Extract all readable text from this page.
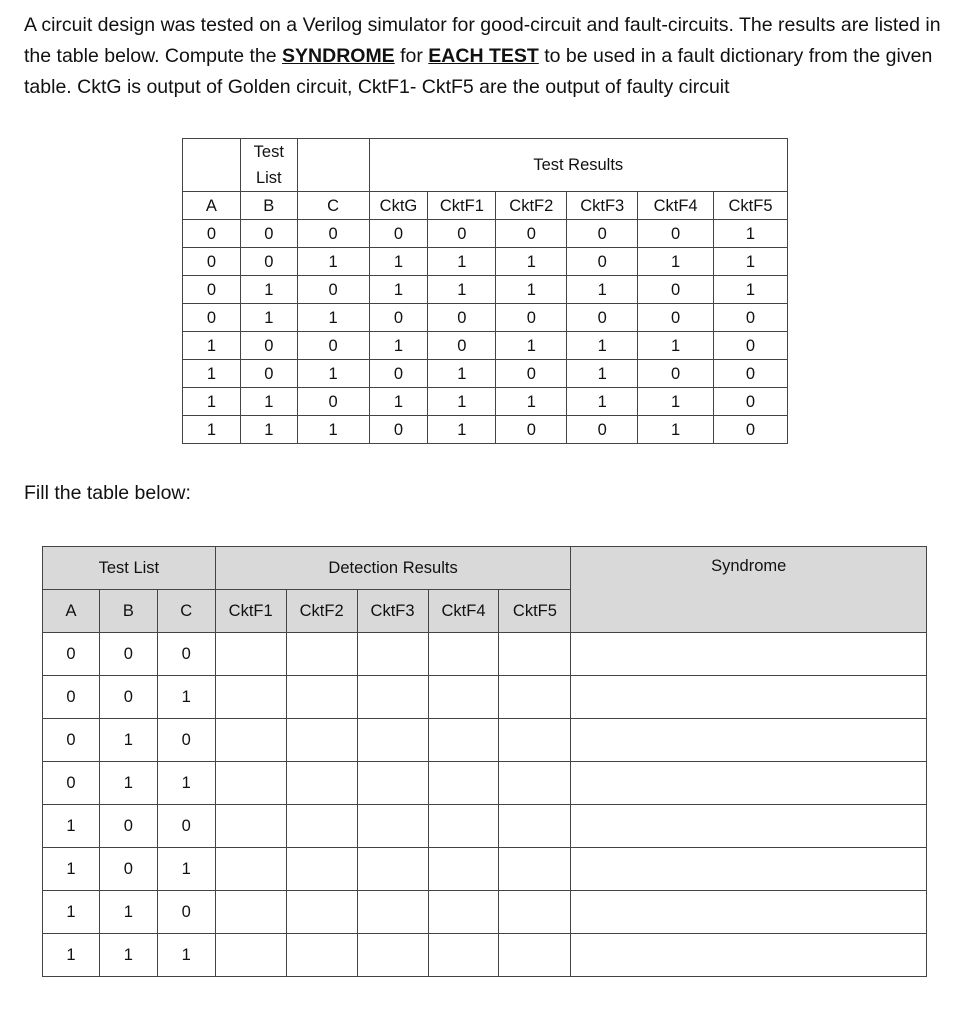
A circuit design was tested on a Verilog simulator for good-circuit and fault-circuits. The results are listed in the table below. Compute the SYNDROME for EACH TEST to be used in a fault dictionary from the given table. CktG is output of Golden circuit, CktF1- CktF5 are the output of faulty circuit

	Test List		Test Results					
A	B	C	CktG	CktF1	CktF2	CktF3	CktF4	CktF5
0	0	0	0	0	0	0	0	1
0	0	1	1	1	1	0	1	1
0	1	0	1	1	1	1	0	1
0	1	1	0	0	0	0	0	0
1	0	0	1	0	1	1	1	0
1	0	1	0	1	0	1	0	0
1	1	0	1	1	1	1	1	0
1	1	1	0	1	0	0	1	0

Fill the table below:

Test List			Detection Results					Syndrome
A	B	C	CktF1	CktF2	CktF3	CktF4	CktF5	
0	0	0						
0	0	1						
0	1	0						
0	1	1						
1	0	0						
1	0	1						
1	1	0						
1	1	1						
